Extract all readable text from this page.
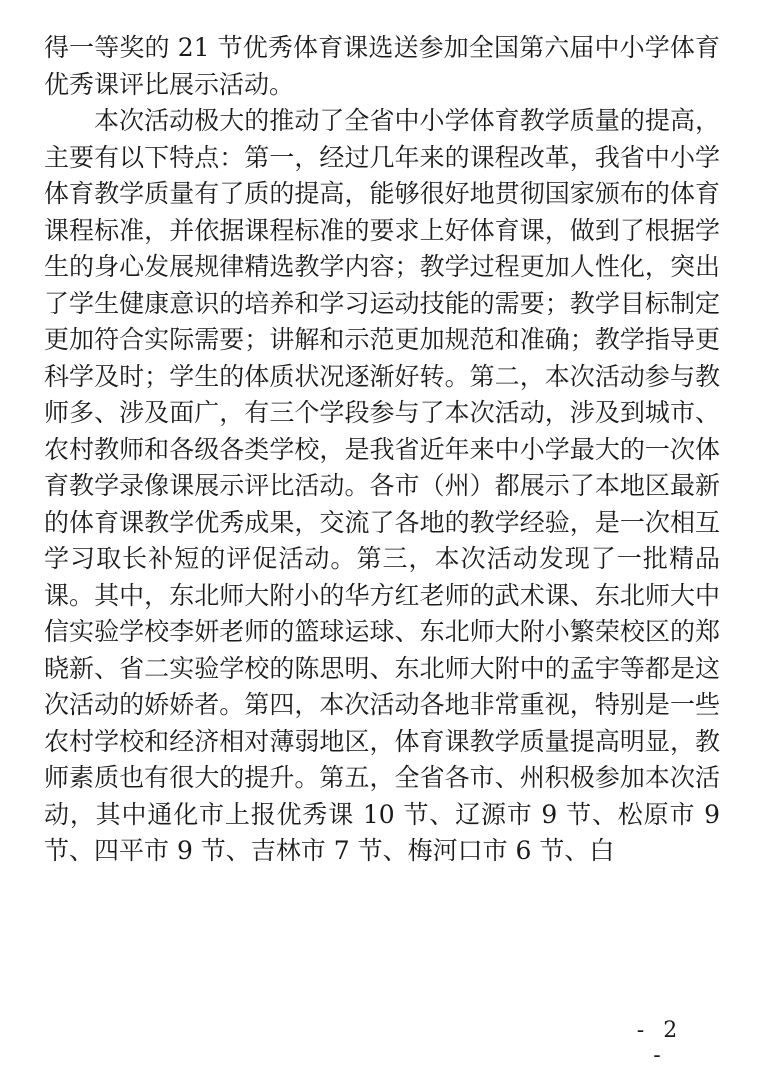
得一等奖的 21 节优秀体育课选送参加全国第六届中小学体育优秀课评比展示活动。

本次活动极大的推动了全省中小学体育教学质量的提高，主要有以下特点：第一，经过几年来的课程改革，我省中小学体育教学质量有了质的提高，能够很好地贯彻国家颁布的体育课程标准，并依据课程标准的要求上好体育课，做到了根据学生的身心发展规律精选教学内容；教学过程更加人性化，突出了学生健康意识的培养和学习运动技能的需要；教学目标制定更加符合实际需要；讲解和示范更加规范和准确；教学指导更科学及时；学生的体质状况逐渐好转。第二，本次活动参与教师多、涉及面广，有三个学段参与了本次活动，涉及到城市、农村教师和各级各类学校，是我省近年来中小学最大的一次体育教学录像课展示评比活动。各市（州）都展示了本地区最新的体育课教学优秀成果，交流了各地的教学经验，是一次相互学习取长补短的评促活动。第三，本次活动发现了一批精品课。其中，东北师大附小的华方红老师的武术课、东北师大中信实验学校李妍老师的篮球运球、东北师大附小繁荣校区的郑晓新、省二实验学校的陈思明、东北师大附中的孟宇等都是这次活动的娇娇者。第四，本次活动各地非常重视，特别是一些农村学校和经济相对薄弱地区，体育课教学质量提高明显，教师素质也有很大的提升。第五，全省各市、州积极参加本次活动，其中通化市上报优秀课 10 节、辽源市 9 节、松原市 9 节、四平市 9 节、吉林市 7 节、梅河口市 6 节、白

- 2 -
